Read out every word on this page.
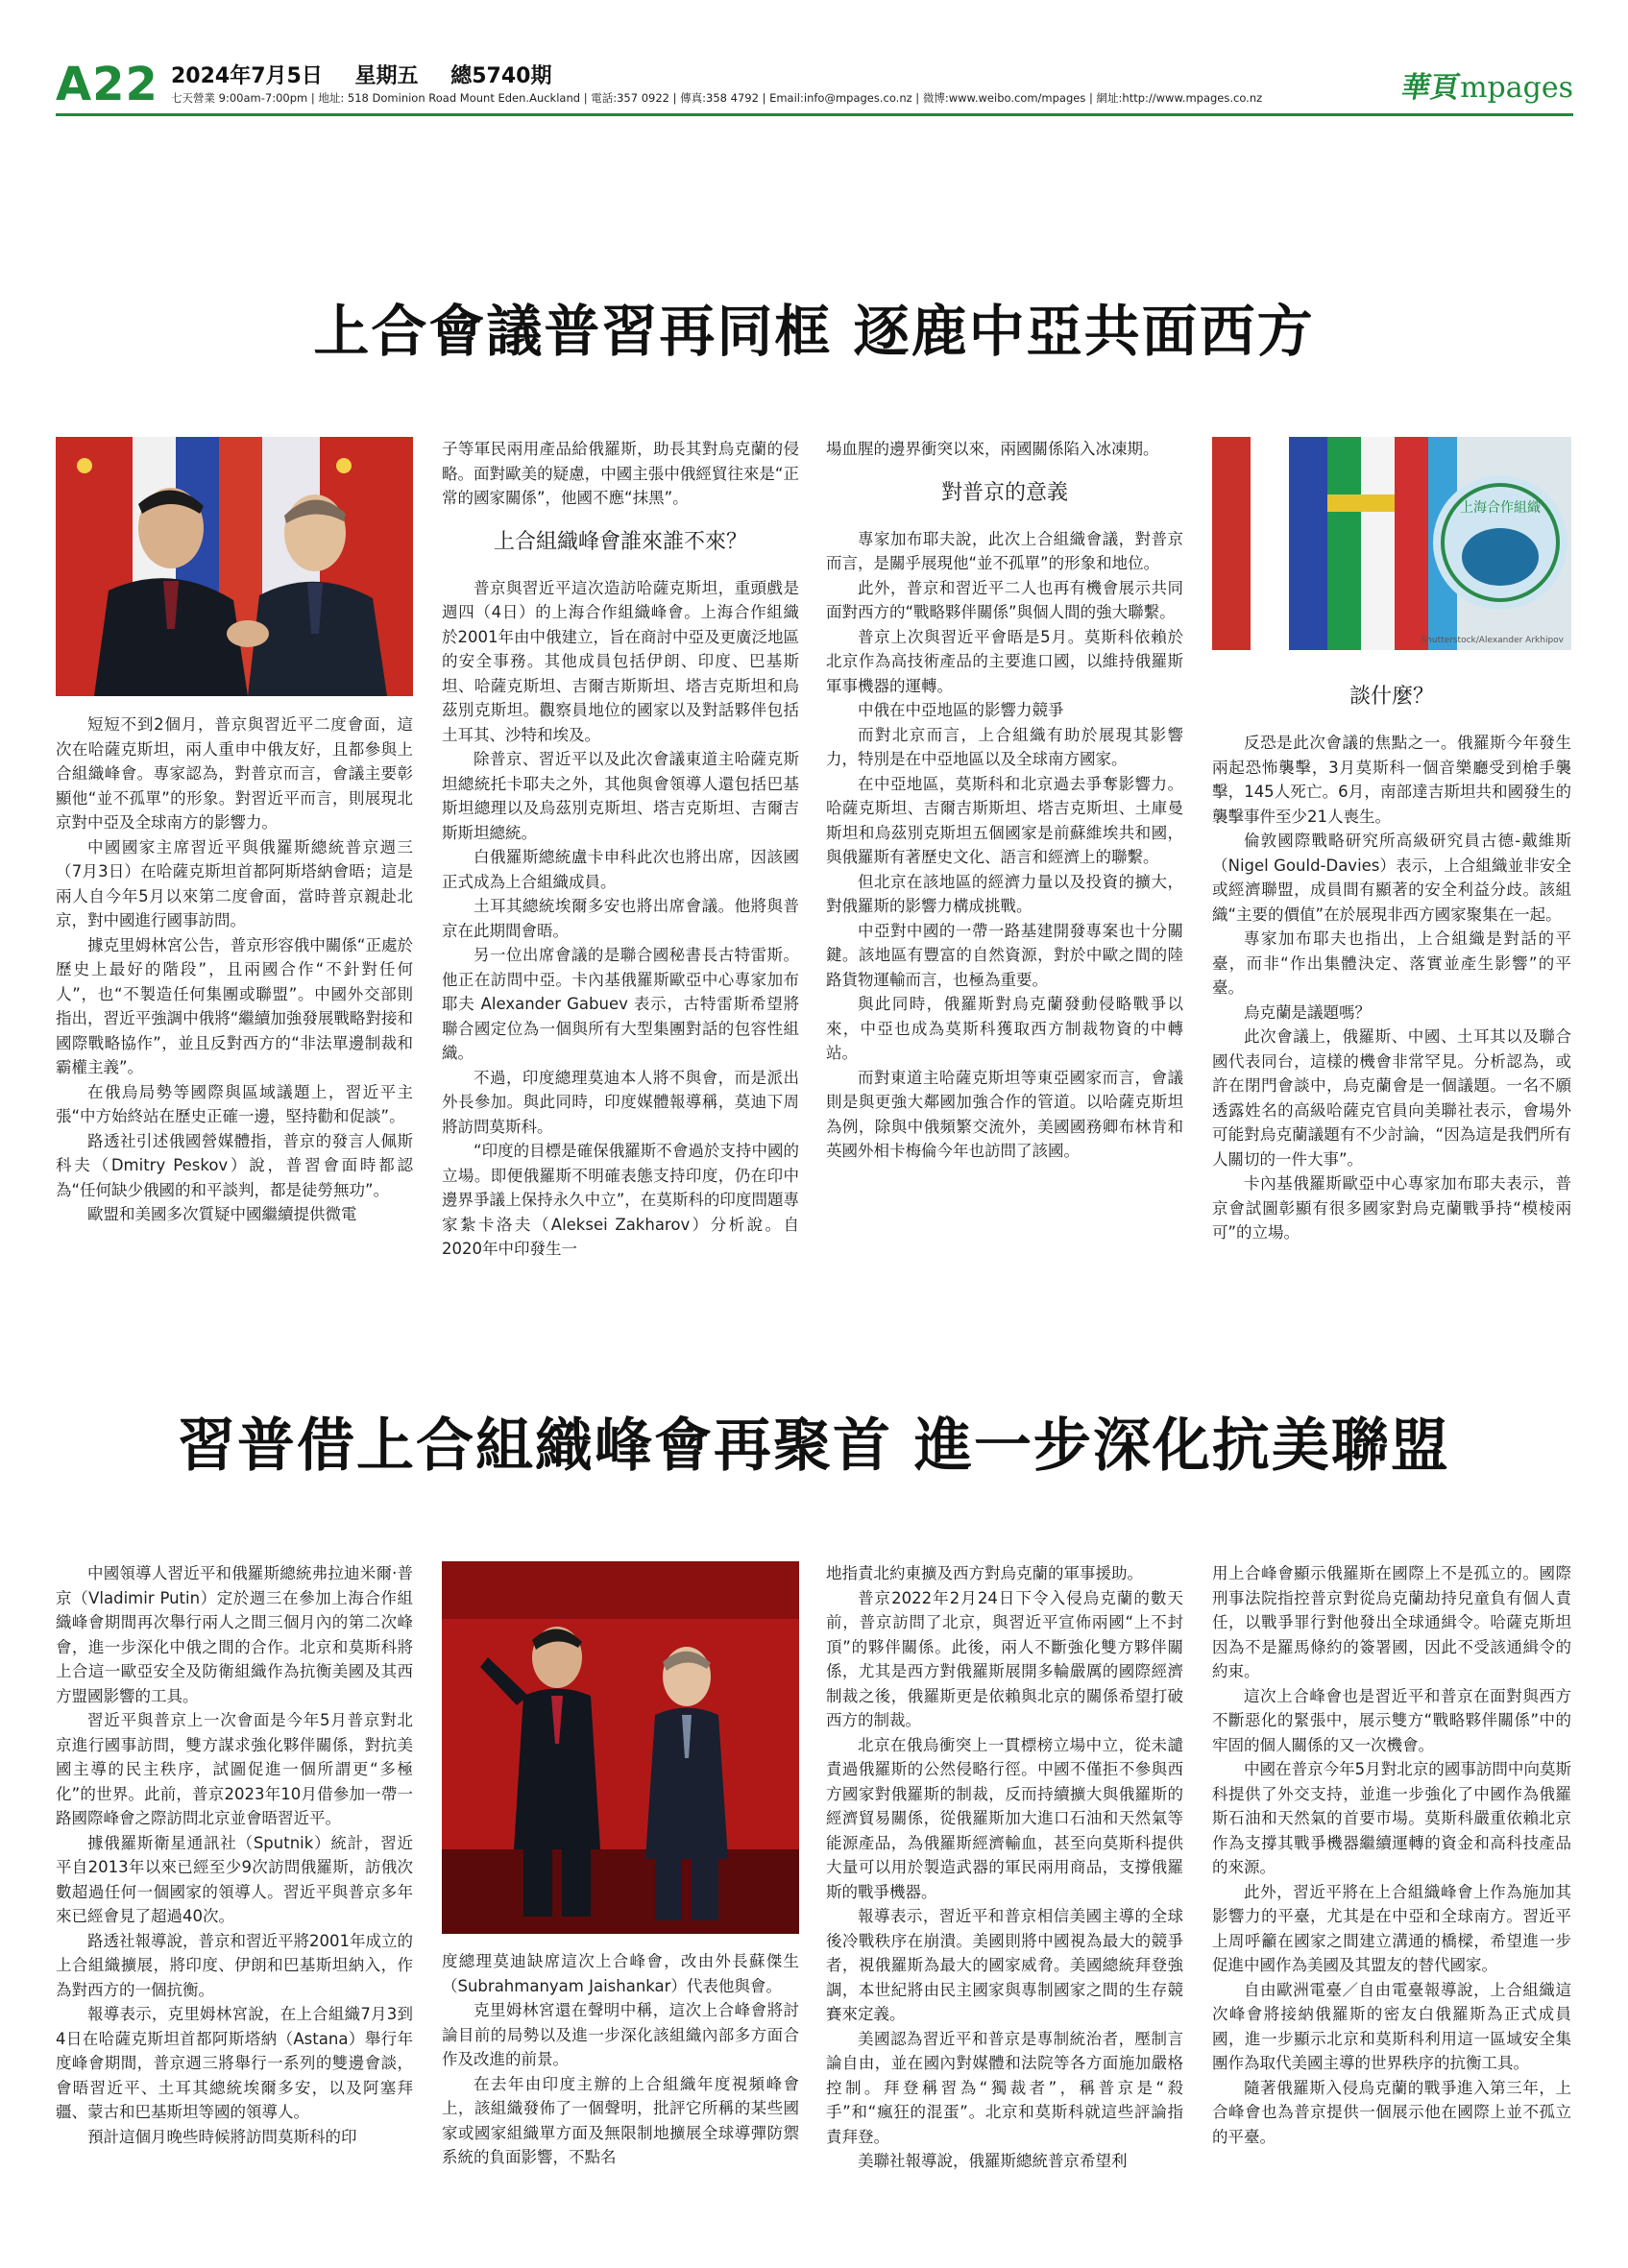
A22 2024年7月5日 星期五 總5740期
七天營業 9:00am-7:00pm | 地址: 518 Dominion Road Mount Eden.Auckland | 電話:357 0922 | 傳真:358 4792 | Email:info@mpages.co.nz | 微博:www.weibo.com/mpages | 網址:http://www.mpages.co.nz	華頁mpages
上合會議普習再同框 逐鹿中亞共面西方

短短不到2個月，普京與習近平二度會面，這次在哈薩克斯坦，兩人重申中俄友好，且都參與上合組織峰會。專家認為，對普京而言，會議主要彰顯他“並不孤單”的形象。對習近平而言，則展現北京對中亞及全球南方的影響力。

中國國家主席習近平與俄羅斯總統普京週三（7月3日）在哈薩克斯坦首都阿斯塔納會晤；這是兩人自今年5月以來第二度會面，當時普京親赴北京，對中國進行國事訪問。

據克里姆林宮公告，普京形容俄中關係“正處於歷史上最好的階段”，且兩國合作“不針對任何人”，也“不製造任何集團或聯盟”。中國外交部則指出，習近平強調中俄將“繼續加強發展戰略對接和國際戰略協作”，並且反對西方的“非法單邊制裁和霸權主義”。

在俄烏局勢等國際與區域議題上，習近平主張“中方始終站在歷史正確一邊，堅持勸和促談”。

路透社引述俄國營媒體指，普京的發言人佩斯科夫（Dmitry Peskov）說，普習會面時都認為“任何缺少俄國的和平談判，都是徒勞無功”。

歐盟和美國多次質疑中國繼續提供微電

子等軍民兩用產品給俄羅斯，助長其對烏克蘭的侵略。面對歐美的疑慮，中國主張中俄經貿往來是“正常的國家關係”，他國不應“抹黑”。

上合組織峰會誰來誰不來？

普京與習近平這次造訪哈薩克斯坦，重頭戲是週四（4日）的上海合作組織峰會。上海合作組織於2001年由中俄建立，旨在商討中亞及更廣泛地區的安全事務。其他成員包括伊朗、印度、巴基斯坦、哈薩克斯坦、吉爾吉斯斯坦、塔吉克斯坦和烏茲別克斯坦。觀察員地位的國家以及對話夥伴包括土耳其、沙特和埃及。

除普京、習近平以及此次會議東道主哈薩克斯坦總統托卡耶夫之外，其他與會領導人還包括巴基斯坦總理以及烏茲別克斯坦、塔吉克斯坦、吉爾吉斯斯坦總統。

白俄羅斯總統盧卡申科此次也將出席，因該國正式成為上合組織成員。

土耳其總統埃爾多安也將出席會議。他將與普京在此期間會晤。

另一位出席會議的是聯合國秘書長古特雷斯。他正在訪問中亞。卡內基俄羅斯歐亞中心專家加布耶夫 Alexander Gabuev 表示，古特雷斯希望將聯合國定位為一個與所有大型集團對話的包容性組織。

不過，印度總理莫迪本人將不與會，而是派出外長參加。與此同時，印度媒體報導稱，莫迪下周將訪問莫斯科。

“印度的目標是確保俄羅斯不會過於支持中國的立場。即便俄羅斯不明確表態支持印度，仍在印中邊界爭議上保持永久中立”，在莫斯科的印度問題專家紮卡洛夫（Aleksei Zakharov）分析說。自2020年中印發生一

場血腥的邊界衝突以來，兩國關係陷入冰凍期。

對普京的意義

專家加布耶夫說，此次上合組織會議，對普京而言，是關乎展現他“並不孤單”的形象和地位。

此外，普京和習近平二人也再有機會展示共同面對西方的“戰略夥伴關係”與個人間的強大聯繫。

普京上次與習近平會晤是5月。莫斯科依賴於北京作為高技術產品的主要進口國，以維持俄羅斯軍事機器的運轉。

中俄在中亞地區的影響力競爭

而對北京而言，上合組織有助於展現其影響力，特別是在中亞地區以及全球南方國家。

在中亞地區，莫斯科和北京過去爭奪影響力。哈薩克斯坦、吉爾吉斯斯坦、塔吉克斯坦、土庫曼斯坦和烏茲別克斯坦五個國家是前蘇維埃共和國，與俄羅斯有著歷史文化、語言和經濟上的聯繫。

但北京在該地區的經濟力量以及投資的擴大，對俄羅斯的影響力構成挑戰。

中亞對中國的一帶一路基建開發專案也十分關鍵。該地區有豐富的自然資源，對於中歐之間的陸路貨物運輸而言，也極為重要。

與此同時，俄羅斯對烏克蘭發動侵略戰爭以來，中亞也成為莫斯科獲取西方制裁物資的中轉站。

而對東道主哈薩克斯坦等東亞國家而言，會議則是與更強大鄰國加強合作的管道。以哈薩克斯坦為例，除與中俄頻繁交流外，美國國務卿布林肯和英國外相卡梅倫今年也訪問了該國。

上海合作組織
Shutterstock/Alexander Arkhipov

談什麼？

反恐是此次會議的焦點之一。俄羅斯今年發生兩起恐怖襲擊，3月莫斯科一個音樂廳受到槍手襲擊，145人死亡。6月，南部達吉斯坦共和國發生的襲擊事件至少21人喪生。

倫敦國際戰略研究所高級研究員古德-戴維斯（Nigel Gould-Davies）表示，上合組織並非安全或經濟聯盟，成員間有顯著的安全利益分歧。該組織“主要的價值”在於展現非西方國家聚集在一起。

專家加布耶夫也指出，上合組織是對話的平臺，而非“作出集體決定、落實並產生影響”的平臺。

烏克蘭是議題嗎？

此次會議上，俄羅斯、中國、土耳其以及聯合國代表同台，這樣的機會非常罕見。分析認為，或許在閉門會談中，烏克蘭會是一個議題。一名不願透露姓名的高級哈薩克官員向美聯社表示，會場外可能對烏克蘭議題有不少討論，“因為這是我們所有人關切的一件大事”。

卡內基俄羅斯歐亞中心專家加布耶夫表示，普京會試圖彰顯有很多國家對烏克蘭戰爭持“模棱兩可”的立場。

習普借上合組織峰會再聚首 進一步深化抗美聯盟

中國領導人習近平和俄羅斯總統弗拉迪米爾·普京（Vladimir Putin）定於週三在參加上海合作組織峰會期間再次舉行兩人之間三個月內的第二次峰會，進一步深化中俄之間的合作。北京和莫斯科將上合這一歐亞安全及防衛組織作為抗衡美國及其西方盟國影響的工具。

習近平與普京上一次會面是今年5月普京對北京進行國事訪問，雙方謀求強化夥伴關係，對抗美國主導的民主秩序，試圖促進一個所謂更“多極化”的世界。此前，普京2023年10月借參加一帶一路國際峰會之際訪問北京並會晤習近平。

據俄羅斯衛星通訊社（Sputnik）統計，習近平自2013年以來已經至少9次訪問俄羅斯，訪俄次數超過任何一個國家的領導人。習近平與普京多年來已經會見了超過40次。

路透社報導說，普京和習近平將2001年成立的上合組織擴展，將印度、伊朗和巴基斯坦納入，作為對西方的一個抗衡。

報導表示，克里姆林宮說，在上合組織7月3到4日在哈薩克斯坦首都阿斯塔納（Astana）舉行年度峰會期間，普京週三將舉行一系列的雙邊會談，會晤習近平、土耳其總統埃爾多安，以及阿塞拜疆、蒙古和巴基斯坦等國的領導人。

預計這個月晚些時候將訪問莫斯科的印

度總理莫迪缺席這次上合峰會，改由外長蘇傑生（Subrahmanyam Jaishankar）代表他與會。

克里姆林宮還在聲明中稱，這次上合峰會將討論目前的局勢以及進一步深化該組織內部多方面合作及改進的前景。

在去年由印度主辦的上合組織年度視頻峰會上，該組織發佈了一個聲明，批評它所稱的某些國家或國家組織單方面及無限制地擴展全球導彈防禦系統的負面影響，不點名

地指責北約東擴及西方對烏克蘭的軍事援助。

普京2022年2月24日下令入侵烏克蘭的數天前，普京訪問了北京，與習近平宣佈兩國“上不封頂”的夥伴關係。此後，兩人不斷強化雙方夥伴關係，尤其是西方對俄羅斯展開多輪嚴厲的國際經濟制裁之後，俄羅斯更是依賴與北京的關係希望打破西方的制裁。

北京在俄烏衝突上一貫標榜立場中立，從未譴責過俄羅斯的公然侵略行徑。中國不僅拒不參與西方國家對俄羅斯的制裁，反而持續擴大與俄羅斯的經濟貿易關係，從俄羅斯加大進口石油和天然氣等能源產品，為俄羅斯經濟輸血，甚至向莫斯科提供大量可以用於製造武器的軍民兩用商品，支撐俄羅斯的戰爭機器。

報導表示，習近平和普京相信美國主導的全球後冷戰秩序在崩潰。美國則將中國視為最大的競爭者，視俄羅斯為最大的國家威脅。美國總統拜登強調，本世紀將由民主國家與專制國家之間的生存競賽來定義。

美國認為習近平和普京是專制統治者，壓制言論自由，並在國內對媒體和法院等各方面施加嚴格控制。拜登稱習為“獨裁者”，稱普京是“殺手”和“瘋狂的混蛋”。北京和莫斯科就這些評論指責拜登。

美聯社報導說，俄羅斯總統普京希望利

用上合峰會顯示俄羅斯在國際上不是孤立的。國際刑事法院指控普京對從烏克蘭劫持兒童負有個人責任，以戰爭罪行對他發出全球通緝令。哈薩克斯坦因為不是羅馬條約的簽署國，因此不受該通緝令的約束。

這次上合峰會也是習近平和普京在面對與西方不斷惡化的緊張中，展示雙方“戰略夥伴關係”中的牢固的個人關係的又一次機會。

中國在普京今年5月對北京的國事訪問中向莫斯科提供了外交支持，並進一步強化了中國作為俄羅斯石油和天然氣的首要市場。莫斯科嚴重依賴北京作為支撐其戰爭機器繼續運轉的資金和高科技產品的來源。

此外，習近平將在上合組織峰會上作為施加其影響力的平臺，尤其是在中亞和全球南方。習近平上周呼籲在國家之間建立溝通的橋樑，希望進一步促進中國作為美國及其盟友的替代國家。

自由歐洲電臺／自由電臺報導說，上合組織這次峰會將接納俄羅斯的密友白俄羅斯為正式成員國，進一步顯示北京和莫斯科利用這一區域安全集團作為取代美國主導的世界秩序的抗衡工具。

隨著俄羅斯入侵烏克蘭的戰爭進入第三年，上合峰會也為普京提供一個展示他在國際上並不孤立的平臺。
